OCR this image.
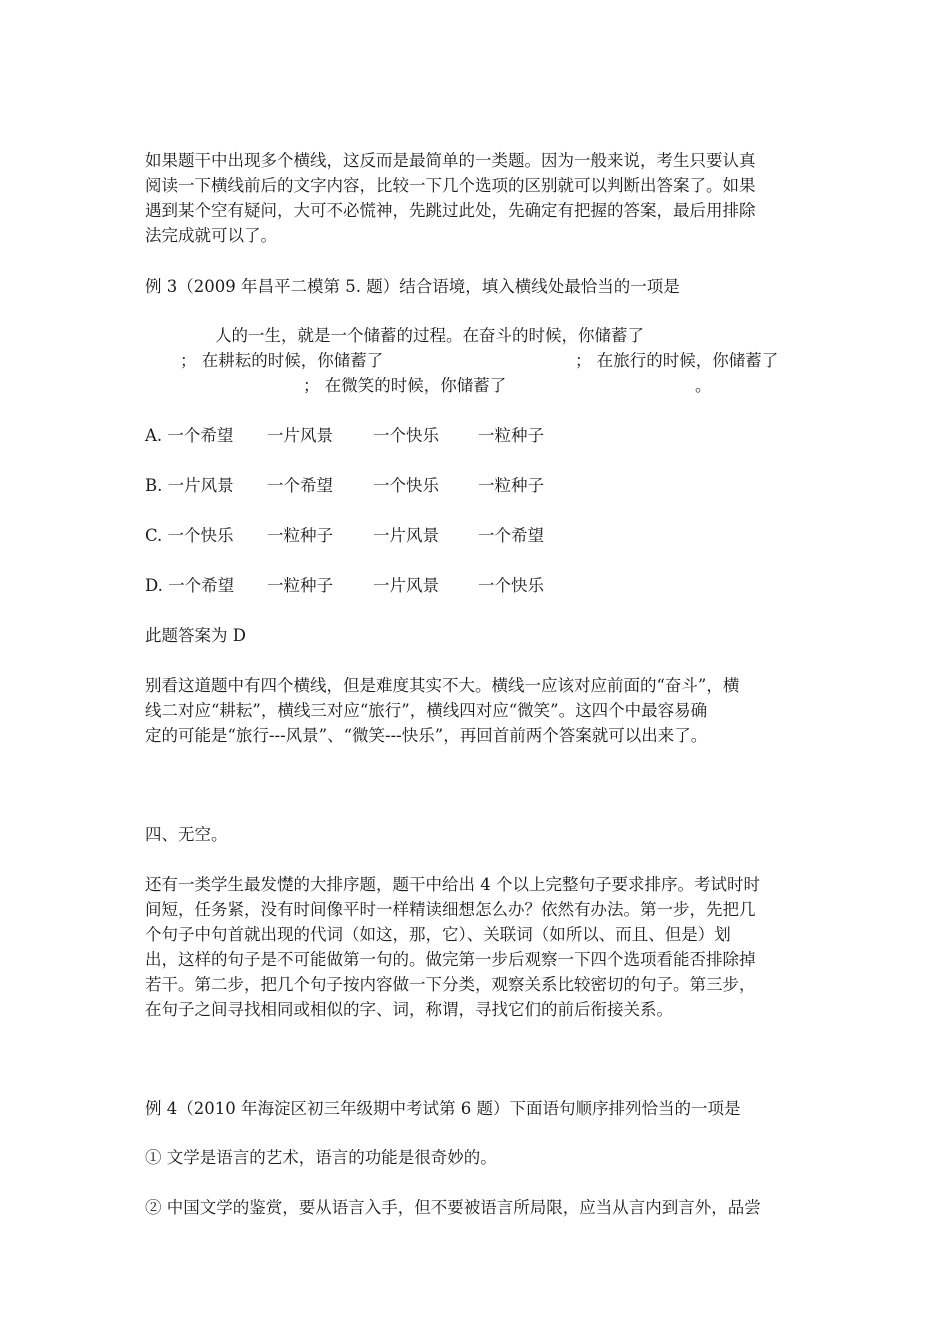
如果题干中出现多个横线，这反而是最简单的一类题。因为一般来说，考生只要认真
阅读一下横线前后的文字内容，比较一下几个选项的区别就可以判断出答案了。如果
遇到某个空有疑问，大可不必慌神，先跳过此处，先确定有把握的答案，最后用排除
法完成就可以了。

例 3（2009 年昌平二模第 5. 题）结合语境，填入横线处最恰当的一项是

人的一生，就是一个储蓄的过程。在奋斗的时候，你储蓄了
； 在耕耘的时候，你储蓄了	； 在旅行的时候，你储蓄了
； 在微笑的时候，你储蓄了	。
A. 一个希望 一片风景 一个快乐 一粒种子
B. 一片风景 一个希望 一个快乐 一粒种子
C. 一个快乐 一粒种子 一片风景 一个希望
D. 一个希望 一粒种子 一片风景 一个快乐

此题答案为 D

别看这道题中有四个横线，但是难度其实不大。横线一应该对应前面的“奋斗”，横
线二对应“耕耘”，横线三对应“旅行”，横线四对应“微笑”。这四个中最容易确
定的可能是“旅行---风景”、“微笑---快乐”，再回首前两个答案就可以出来了。

四、无空。

还有一类学生最发憷的大排序题，题干中给出 4 个以上完整句子要求排序。考试时时
间短，任务紧，没有时间像平时一样精读细想怎么办？依然有办法。第一步，先把几
个句子中句首就出现的代词（如这，那，它）、关联词（如所以、而且、但是）划
出，这样的句子是不可能做第一句的。做完第一步后观察一下四个选项看能否排除掉
若干。第二步，把几个句子按内容做一下分类，观察关系比较密切的句子。第三步，
在句子之间寻找相同或相似的字、词，称谓，寻找它们的前后衔接关系。

例 4（2010 年海淀区初三年级期中考试第 6 题）下面语句顺序排列恰当的一项是

① 文学是语言的艺术，语言的功能是很奇妙的。

② 中国文学的鉴赏，要从语言入手，但不要被语言所局限，应当从言内到言外，品尝
